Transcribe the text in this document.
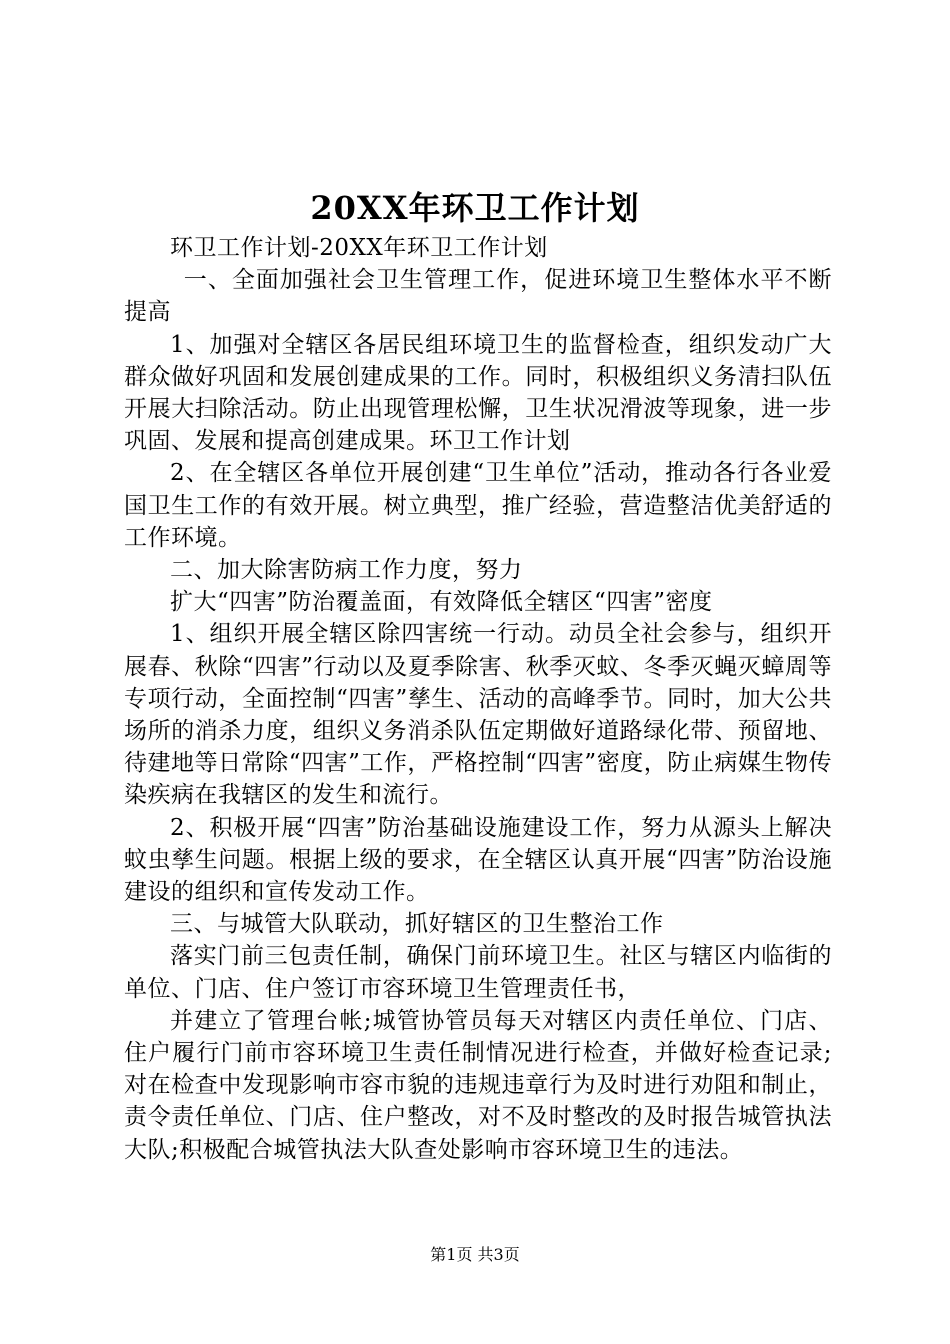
20XX年环卫工作计划

环卫工作计划-20XX年环卫工作计划

一、全面加强社会卫生管理工作，促进环境卫生整体水平不断提高

1、加强对全辖区各居民组环境卫生的监督检查，组织发动广大群众做好巩固和发展创建成果的工作。同时，积极组织义务清扫队伍开展大扫除活动。防止出现管理松懈，卫生状况滑波等现象，进一步巩固、发展和提高创建成果。环卫工作计划

2、在全辖区各单位开展创建“卫生单位”活动，推动各行各业爱国卫生工作的有效开展。树立典型，推广经验，营造整洁优美舒适的工作环境。

二、加大除害防病工作力度，努力

扩大“四害”防治覆盖面，有效降低全辖区“四害”密度

1、组织开展全辖区除四害统一行动。动员全社会参与，组织开展春、秋除“四害”行动以及夏季除害、秋季灭蚊、冬季灭蝇灭蟑周等专项行动，全面控制“四害”孳生、活动的高峰季节。同时，加大公共场所的消杀力度，组织义务消杀队伍定期做好道路绿化带、预留地、待建地等日常除“四害”工作，严格控制“四害”密度，防止病媒生物传染疾病在我辖区的发生和流行。

2、积极开展“四害”防治基础设施建设工作，努力从源头上解决蚊虫孳生问题。根据上级的要求，在全辖区认真开展“四害”防治设施建设的组织和宣传发动工作。

三、与城管大队联动，抓好辖区的卫生整治工作

落实门前三包责任制，确保门前环境卫生。社区与辖区内临街的单位、门店、住户签订市容环境卫生管理责任书，

并建立了管理台帐;城管协管员每天对辖区内责任单位、门店、住户履行门前市容环境卫生责任制情况进行检查，并做好检查记录;对在检查中发现影响市容市貌的违规违章行为及时进行劝阻和制止，责令责任单位、门店、住户整改，对不及时整改的及时报告城管执法大队;积极配合城管执法大队查处影响市容环境卫生的违法。

第1页 共3页
